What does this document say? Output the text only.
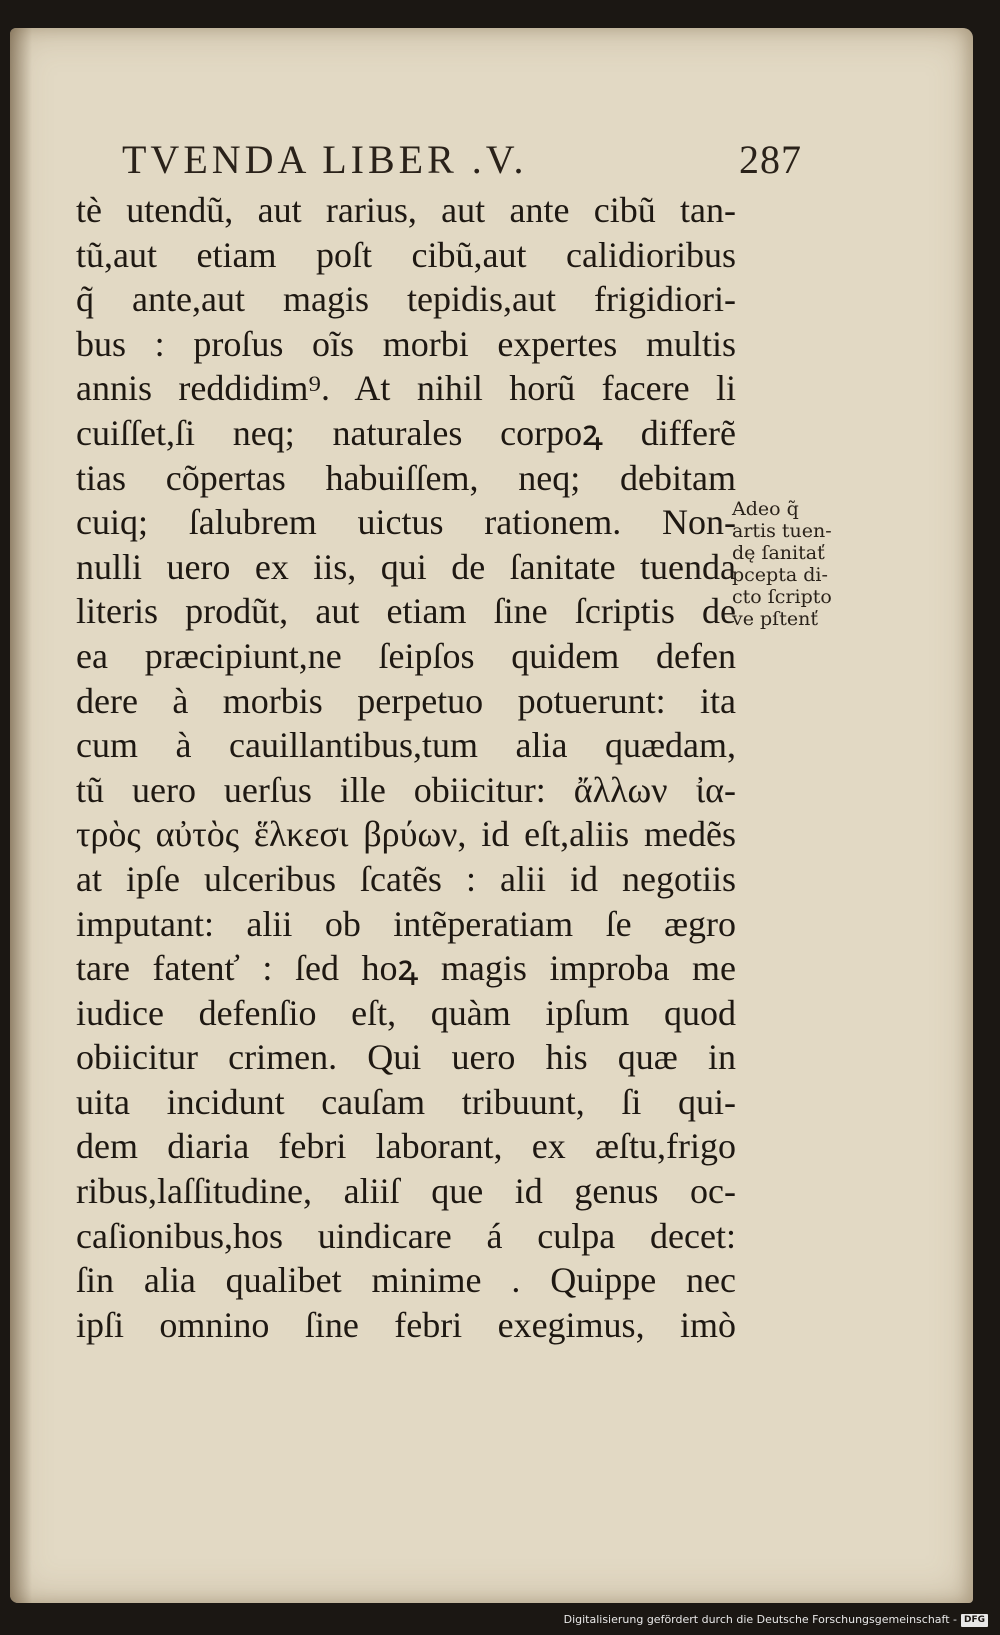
TVENDA LIBER .V.	287
tè utendũ, aut rarius, aut ante cibũ tan-
tũ,aut etiam poſt cibũ,aut calidioribus
q̃ ante,aut magis tepidis,aut frigidiori-
bus : proſus oĩs morbi expertes multis
annis reddidim⁹. At nihil horũ facere li
cuiſſet,ſi neq; naturales corpoꝝ differẽ
tias cõpertas habuiſſem, neq; debitam
cuiq; ſalubrem uictus rationem. Non-
nulli uero ex iis, qui de ſanitate tuenda
literis prodũt, aut etiam ſine ſcriptis de
ea præcipiunt,ne ſeipſos quidem defen
dere à morbis perpetuo potuerunt: ita
cum à cauillantibus,tum alia quædam,
tũ uero uerſus ille obiicitur: ἄλλων ἰα-
τρὸς αὐτὸς ἕλκεσι βρύων, id eſt,aliis medẽs
at ipſe ulceribus ſcatẽs : alii id negotiis
imputant: alii ob intẽperatiam ſe ægro
tare fatenť : ſed hoꝝ magis improba me
iudice defenſio eſt, quàm ipſum quod
obiicitur crimen. Qui uero his quæ in
uita incidunt cauſam tribuunt, ſi qui-
dem diaria febri laborant, ex æſtu,frigo
ribus,laſſitudine, aliiſ que id genus oc-
caſionibus,hos uindicare á culpa decet:
ſin alia qualibet minime . Quippe nec
ipſi omnino ſine febri exegimus, imò
Adeo q̃
artis tuen-
dę ſanitať
pcepta di-
cto ſcripto
ve pſtenť
Digitalisierung gefördert durch die Deutsche Forschungsgemeinschaft - DFG
